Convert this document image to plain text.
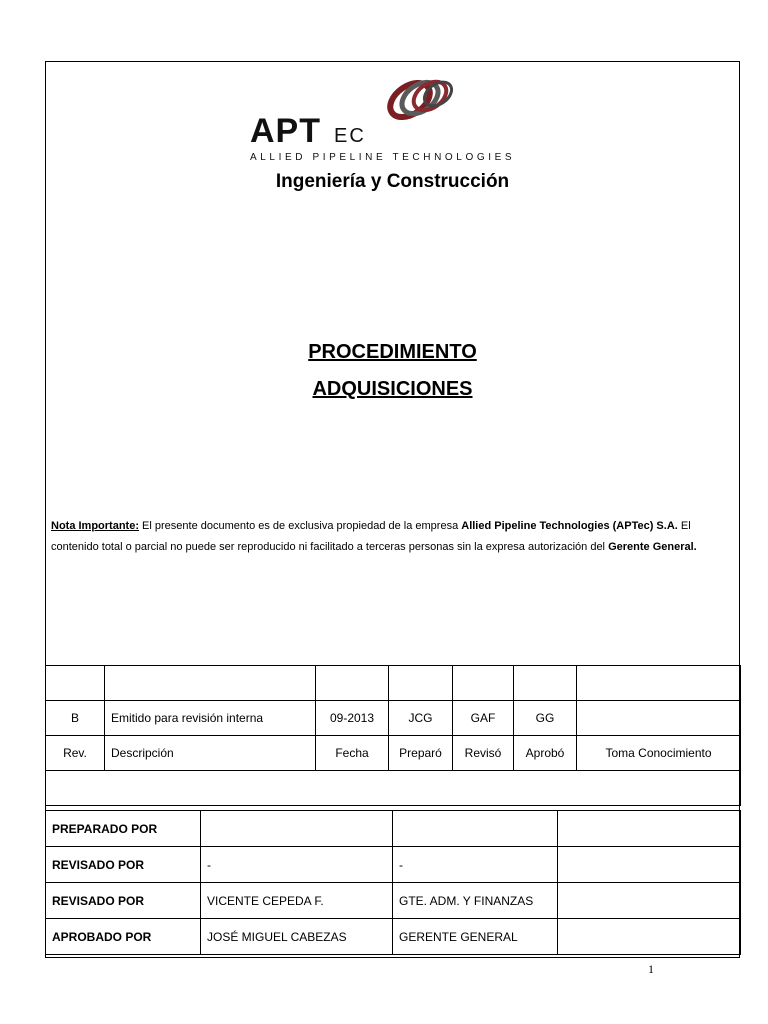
APT EC
ALLIED PIPELINE TECHNOLOGIES
Ingeniería y Construcción
PROCEDIMIENTO
ADQUISICIONES
Nota Importante: El presente documento es de exclusiva propiedad de la empresa Allied Pipeline Technologies (APTec) S.A. El contenido total o parcial no puede ser reproducido ni facilitado a terceras personas sin la expresa autorización del Gerente General.

B	Emitido para revisión interna	09-2013	JCG	GAF	GG	
Rev.	Descripción	Fecha	Preparó	Revisó	Aprobó	Toma Conocimiento

PREPARADO POR			
REVISADO POR	-	-	
REVISADO POR	VICENTE CEPEDA F.	GTE. ADM. Y FINANZAS	
APROBADO POR	JOSÉ MIGUEL CABEZAS	GERENTE GENERAL	
1
